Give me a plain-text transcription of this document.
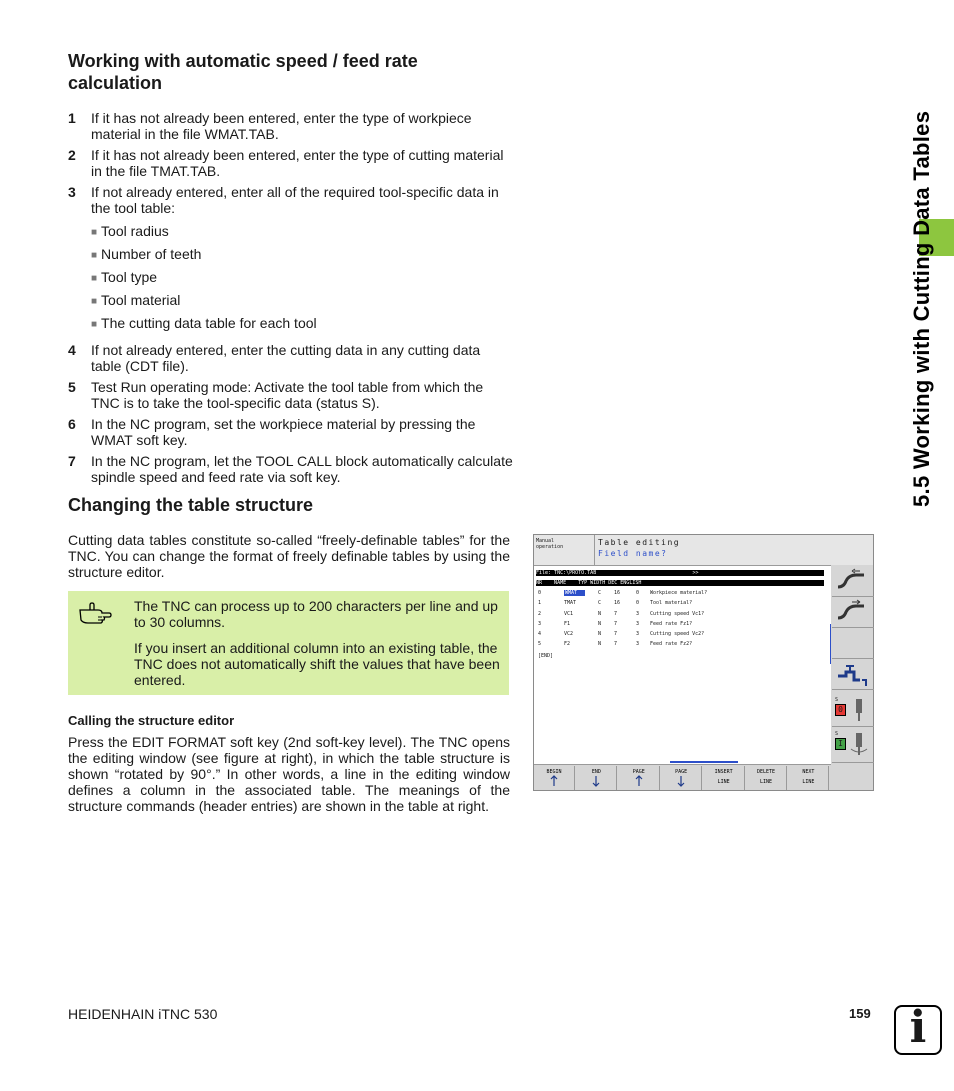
Working with automatic speed / feed rate calculation
1	If it has not already been entered, enter the type of workpiece material in the file WMAT.TAB.
2	If it has not already been entered, enter the type of cutting material in the file TMAT.TAB.
3	If not already entered, enter all of the required tool-specific data in the tool table:
■ Tool radius
■ Number of teeth
■ Tool type
■ Tool material
■ The cutting data table for each tool
4	If not already entered, enter the cutting data in any cutting data table (CDT file).
5	Test Run operating mode: Activate the tool table from which the TNC is to take the tool-specific data (status S).
6	In the NC program, set the workpiece material by pressing the WMAT soft key.
7	In the NC program, let the TOOL CALL block automatically calculate spindle speed and feed rate via soft key.
Changing the table structure

Cutting data tables constitute so-called “freely-definable tables” for the TNC. You can change the format of freely definable tables by using the structure editor.

The TNC can process up to 200 characters per line and up to 30 columns.

If you insert an additional column into an existing table, the TNC does not automatically shift the values that have been entered.

Calling the structure editor

Press the EDIT FORMAT soft key (2nd soft-key level). The TNC opens the editing window (see figure at right), in which the table structure is shown “rotated by 90°.” In other words, a line in the editing window defines a column in the associated table. The meanings of the structure commands (header entries) are shown in the table at right.

5.5 Working with Cutting Data Tables
Manual
operation	Table editing
Field name?
File: TNC:\PROTO.TAB                                >>
NR    NAME    TYP WIDTH DEC ENGLISH
0	WMAT	C	16	0 Workpiece material?
1	TMAT	C	16	0 Tool material?
2	VC1	N	7	3 Cutting speed Vc1?
3	F1	N	7	3 Feed rate Fz1?
4	VC2	N	7	3 Cutting speed Vc2?
5	F2	N	7	3 Feed rate Fz2?
[END]
S
0
S
I
BEGIN	END	PAGE	PAGE	INSERT
LINE
DELETE
LINE
NEXT
LINE
HEIDENHAIN iTNC 530	159 i
